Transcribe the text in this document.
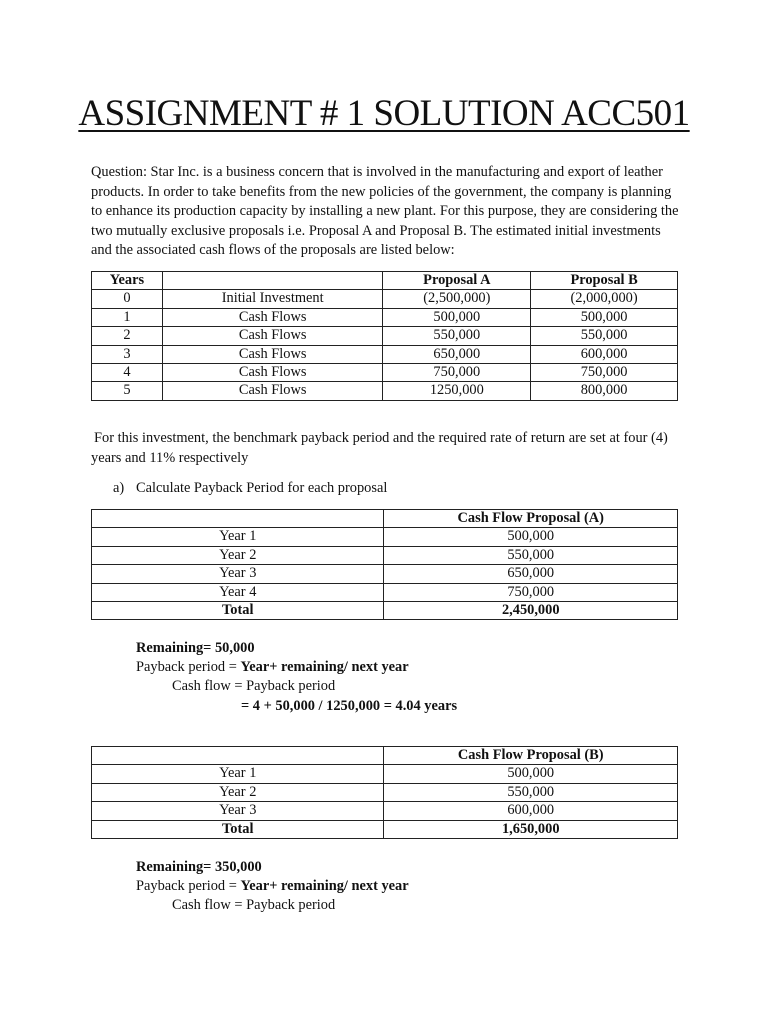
ASSIGNMENT # 1 SOLUTION ACC501
Question: Star Inc. is a business concern that is involved in the manufacturing and export of leather products. In order to take benefits from the new policies of the government, the company is planning to enhance its production capacity by installing a new plant. For this purpose, they are considering the two mutually exclusive proposals i.e. Proposal A and Proposal B. The estimated initial investments and the associated cash flows of the proposals are listed below:
Years		Proposal A	Proposal B
0	Initial Investment	(2,500,000)	(2,000,000)
1	Cash Flows	500,000	500,000
2	Cash Flows	550,000	550,000
3	Cash Flows	650,000	600,000
4	Cash Flows	750,000	750,000
5	Cash Flows	1250,000	800,000
For this investment, the benchmark payback period and the required rate of return are set at four (4) years and 11% respectively
a) Calculate Payback Period for each proposal
	Cash Flow Proposal (A)
Year 1	500,000
Year 2	550,000
Year 3	650,000
Year 4	750,000
Total	2,450,000
Remaining= 50,000
Payback period = Year+ remaining/ next year
Cash flow = Payback period
= 4 + 50,000 / 1250,000 = 4.04 years
	Cash Flow Proposal (B)
Year 1	500,000
Year 2	550,000
Year 3	600,000
Total	1,650,000
Remaining= 350,000
Payback period = Year+ remaining/ next year
Cash flow = Payback period
